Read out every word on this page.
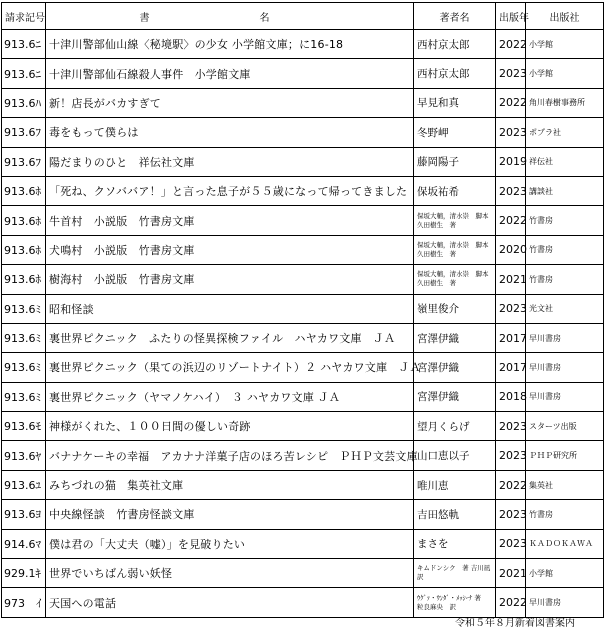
請求記号	書　名	著者名	出版年	出版社
913.6ﾆ	十津川警部仙山線〈秘境駅〉の少女 小学館文庫；に16-18	西村京太郎	2022	小学館
913.6ﾆ	十津川警部仙石線殺人事件　小学館文庫	西村京太郎	2023	小学館
913.6ﾊ	新！店長がバカすぎて	早見和真	2022	角川春樹事務所
913.6ﾌ	毒をもって僕らは	冬野岬	2023	ポプラ社
913.6ﾌ	陽だまりのひと　祥伝社文庫	藤岡陽子	2019	祥伝社
913.6ﾎ	「死ね、クソババア！」と言った息子が５５歳になって帰ってきました	保坂祐希	2023	講談社
913.6ﾎ	牛首村　小説版　竹書房文庫	保坂大輔，清水崇　脚本 久田樹生　著	2022	竹書房
913.6ﾎ	犬鳴村　小説版　竹書房文庫	保坂大輔，清水崇　脚本 久田樹生　著	2020	竹書房
913.6ﾎ	樹海村　小説版　竹書房文庫	保坂大輔，清水崇　脚本 久田樹生　著	2021	竹書房
913.6ﾐ	昭和怪談	嶺里俊介	2023	光文社
913.6ﾐ	裏世界ピクニック　ふたりの怪異探検ファイル　ハヤカワ文庫　ＪＡ	宮澤伊織	2017	早川書房
913.6ﾐ	裏世界ピクニック（果ての浜辺のリゾートナイト）２ ハヤカワ文庫　ＪＡ	宮澤伊織	2017	早川書房
913.6ﾐ	裏世界ピクニック（ヤマノケハイ）　３ ハヤカワ文庫 ＪＡ	宮澤伊織	2018	早川書房
913.6ﾓ	神様がくれた、１００日間の優しい奇跡	望月くらげ	2023	スターツ出版
913.6ﾔ	バナナケーキの幸福　アカナナ洋菓子店のほろ苦レシピ　ＰＨＰ文芸文庫	山口恵以子	2023	ＰＨＰ研究所
913.6ﾕ	みちづれの猫　集英社文庫	唯川恵	2022	集英社
913.6ﾖ	中央線怪談　竹書房怪談文庫	吉田悠軌	2023	竹書房
914.6ﾏ	僕は君の「大丈夫（嘘）」を見破りたい	まさを	2023	ＫＡＤＯＫＡＷＡ
929.1ｷ	世界でいちばん弱い妖怪	キムドンシク　著 吉川凪　訳	2021	小学館
973　ｲ	天国への電話	ｳｸﾞｧ・ｳﾝﾀﾞ・ﾒｯｼｰﾅ 著　粒良麻央　訳	2022	早川書房
令和５年８月新着図書案内
